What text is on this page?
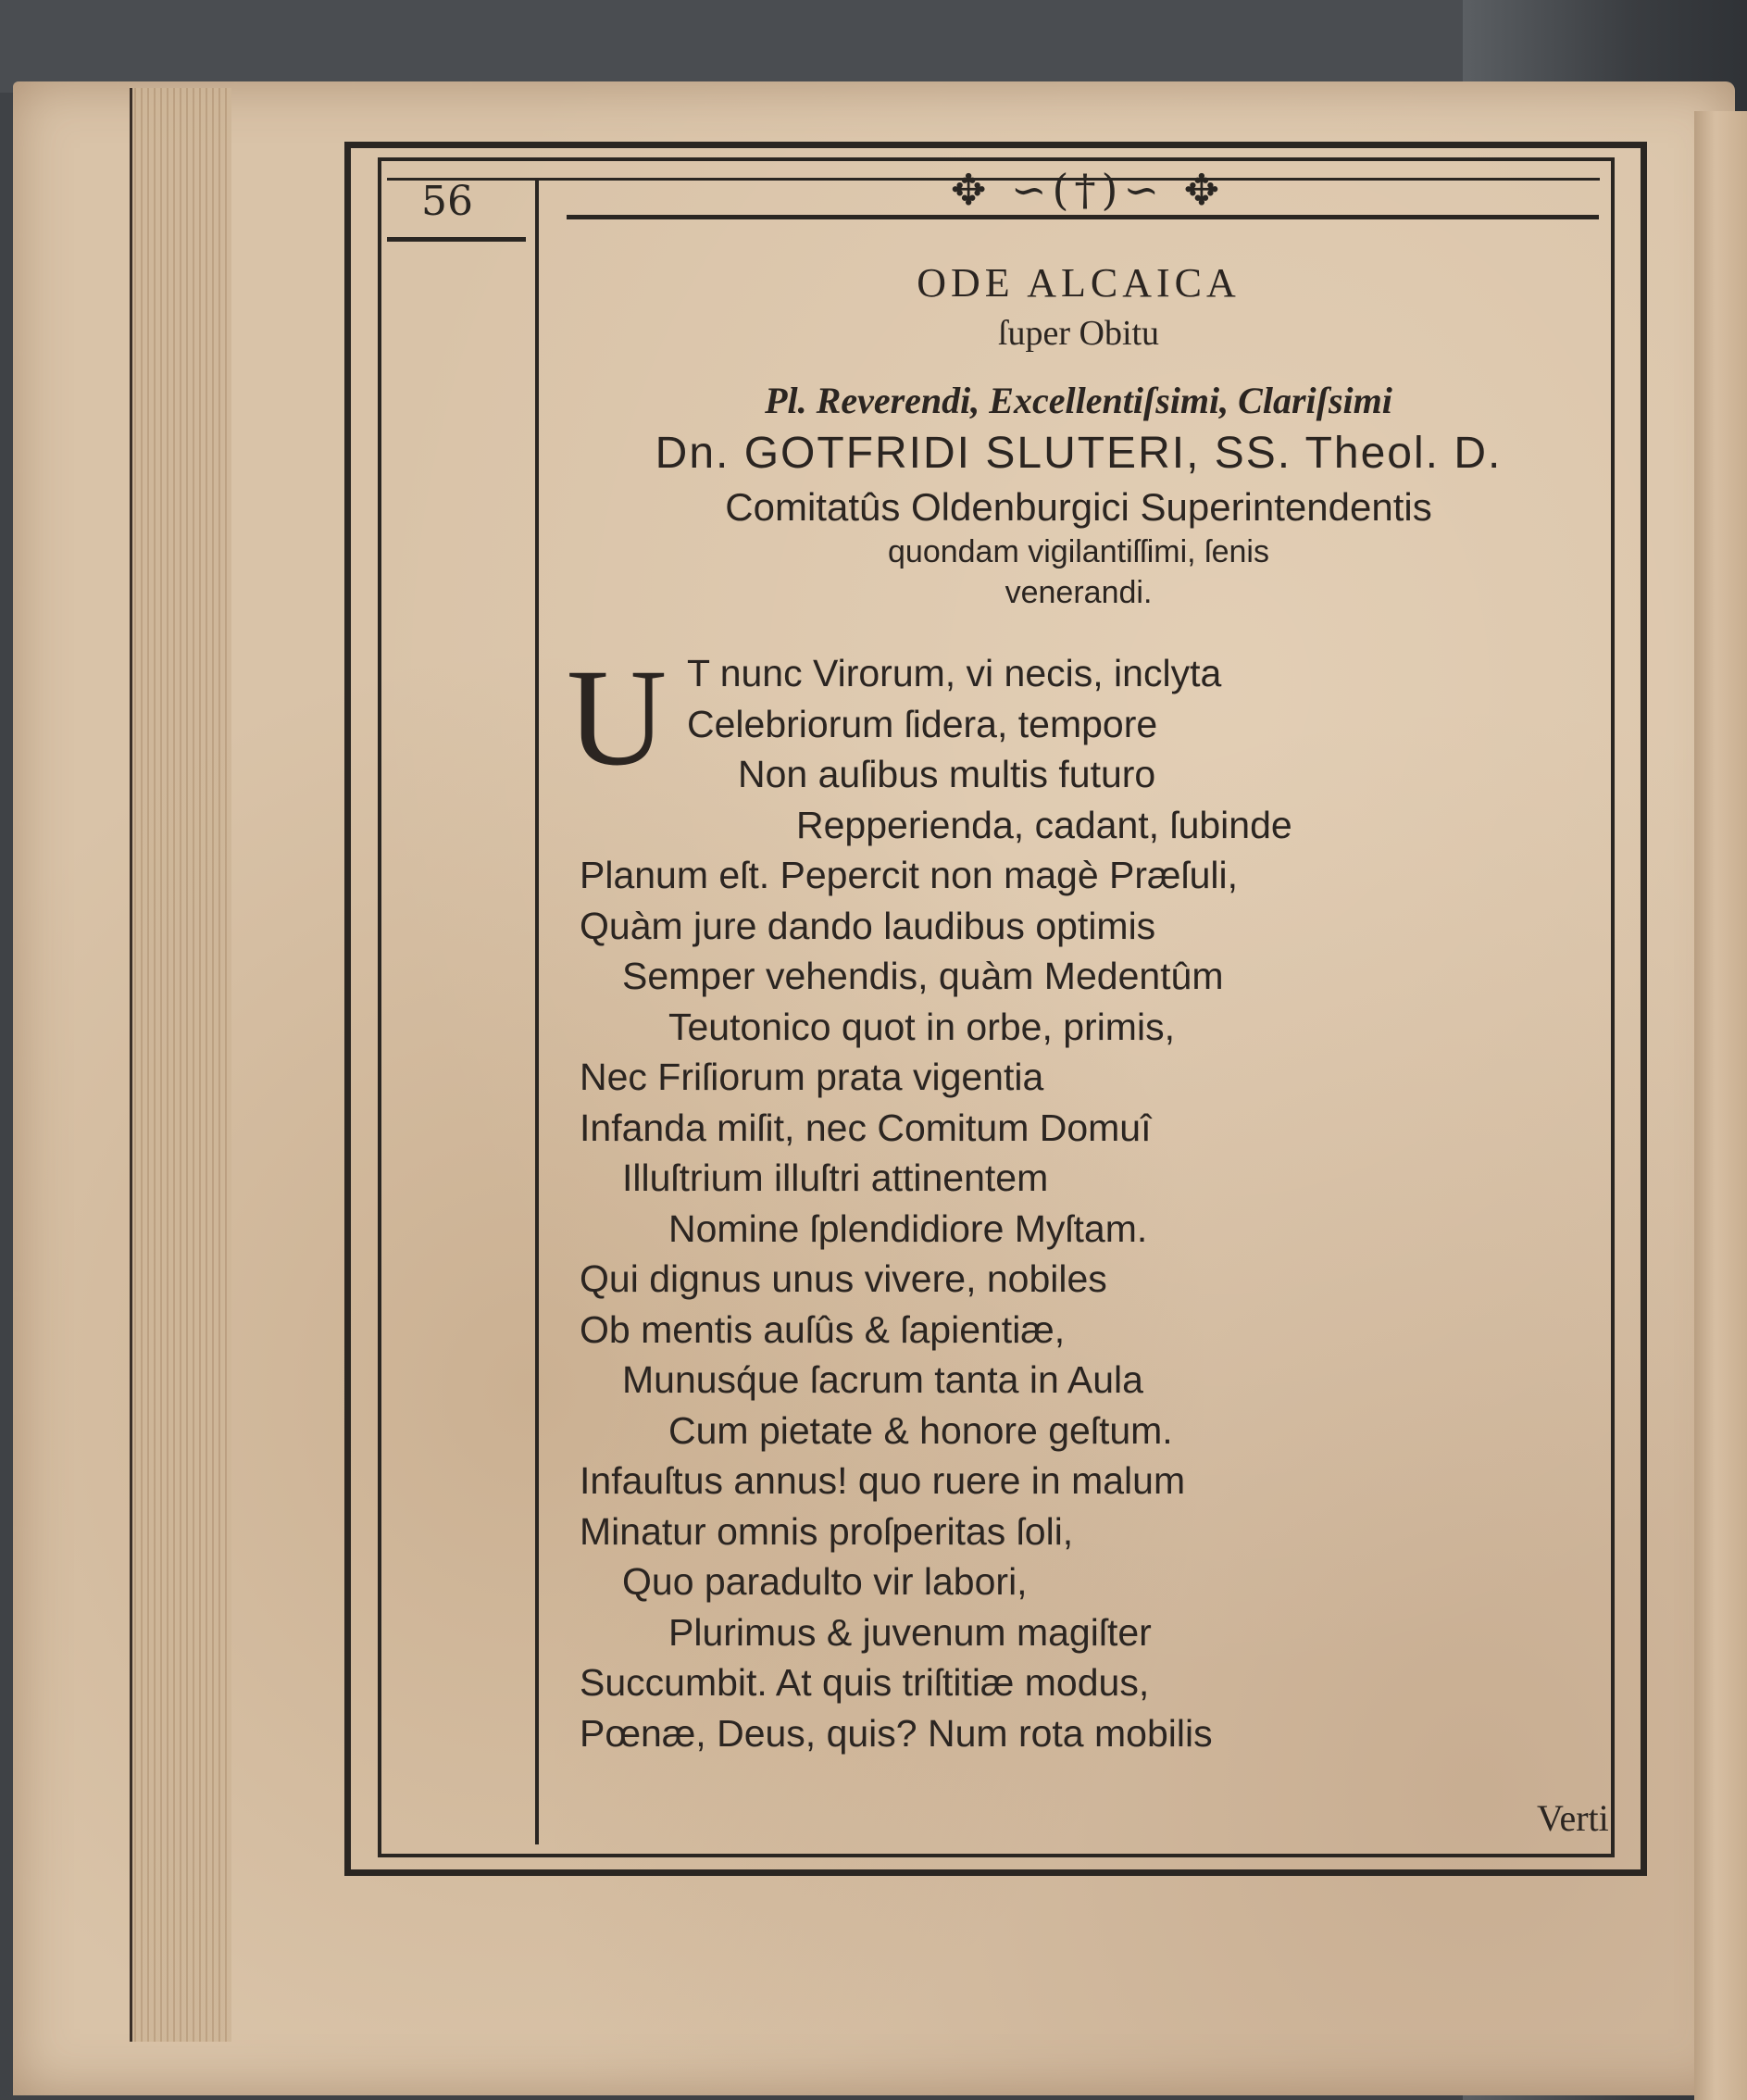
56	✥ ∽(†)∽ ✥
ODE ALCAICA
ſuper Obitu
Pl. Reverendi, Excellentiſsimi, Clariſsimi
Dn. GOTFRIDI SLUTERI, SS. Theol. D.
Comitatûs Oldenburgici Superintendentis
quondam vigilantiſſimi, ſenis
venerandi.
U T nunc Virorum, vi necis, inclyta
Celebriorum ſidera, tempore
Non auſibus multis futuro
Repperienda, cadant, ſubinde
Planum eſt. Pepercit non magè Præſuli,
Quàm jure dando laudibus optimis
Semper vehendis, quàm Medentûm
Teutonico quot in orbe, primis,
Nec Friſiorum prata vigentia
Infanda miſit, nec Comitum Domuî
Illuſtrium illuſtri attinentem
Nomine ſplendidiore Myſtam.
Qui dignus unus vivere, nobiles
Ob mentis auſûs & ſapientiæ,
Munusq́ue ſacrum tanta in Aula
Cum pietate & honore geſtum.
Infauſtus annus! quo ruere in malum
Minatur omnis proſperitas ſoli,
Quo paradulto vir labori,
Plurimus & juvenum magiſter
Succumbit. At quis triſtitiæ modus,
Pœnæ, Deus, quis? Num rota mobilis
Verti
